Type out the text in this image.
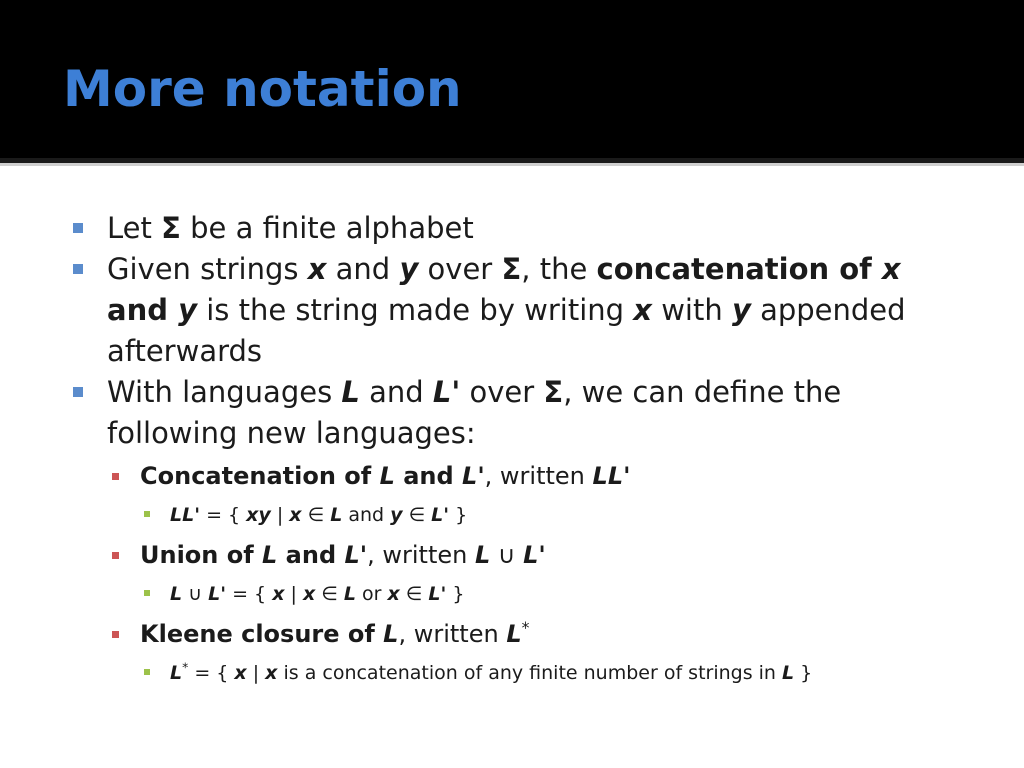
More notation
Let Σ be a finite alphabet
Given strings x and y over Σ, the concatenation of x and y is the string made by writing x with y appended afterwards
With languages L and L' over Σ, we can define the following new languages:
Concatenation of L and L', written LL'
LL' = { xy | x ∈ L and y ∈ L' }
Union of L and L', written L ∪ L'
L ∪ L' = { x | x ∈ L or x ∈ L' }
Kleene closure of L, written L*
L* = { x | x is a concatenation of any finite number of strings in L }
